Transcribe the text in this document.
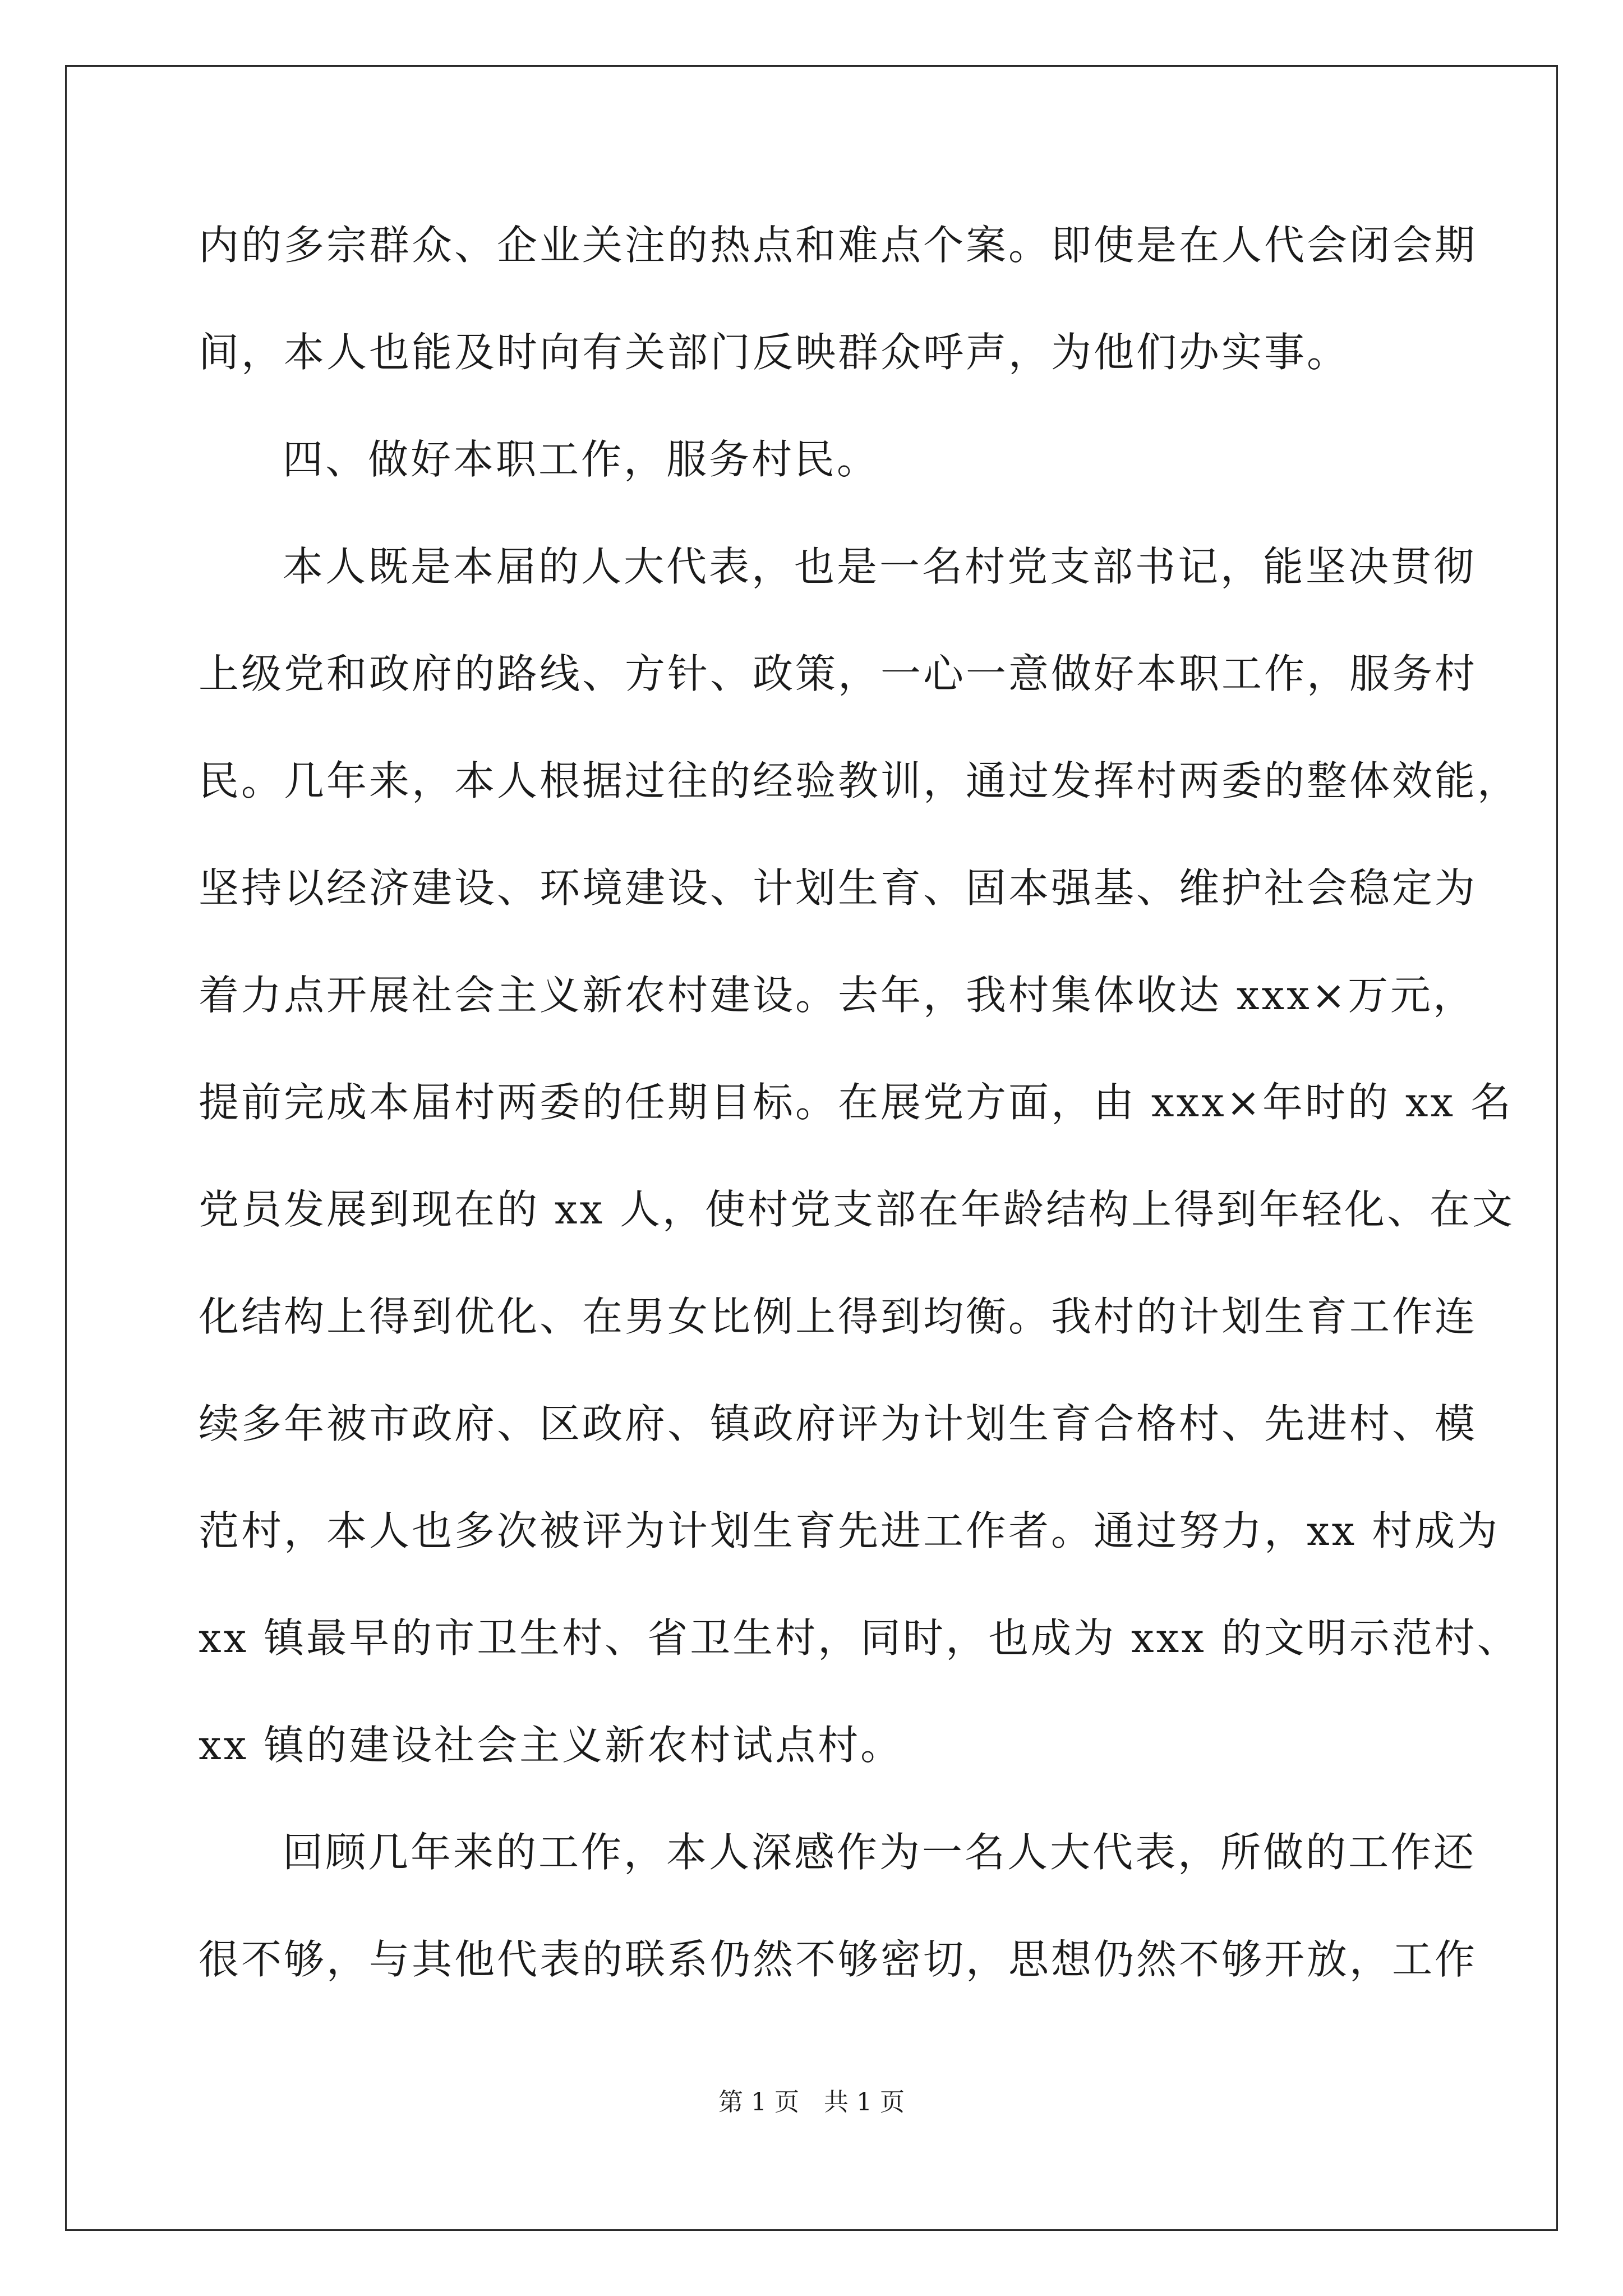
内的多宗群众、企业关注的热点和难点个案。即使是在人代会闭会期
间，本人也能及时向有关部门反映群众呼声，为他们办实事。
四、做好本职工作，服务村民。
本人既是本届的人大代表，也是一名村党支部书记，能坚决贯彻
上级党和政府的路线、方针、政策，一心一意做好本职工作，服务村
民。几年来，本人根据过往的经验教训，通过发挥村两委的整体效能，
坚持以经济建设、环境建设、计划生育、固本强基、维护社会稳定为
着力点开展社会主义新农村建设。去年，我村集体收达 xxx×万元，
提前完成本届村两委的任期目标。在展党方面，由 xxx×年时的 xx 名
党员发展到现在的 xx 人，使村党支部在年龄结构上得到年轻化、在文
化结构上得到优化、在男女比例上得到均衡。我村的计划生育工作连
续多年被市政府、区政府、镇政府评为计划生育合格村、先进村、模
范村，本人也多次被评为计划生育先进工作者。通过努力，xx 村成为
xx 镇最早的市卫生村、省卫生村，同时，也成为 xxx 的文明示范村、
xx 镇的建设社会主义新农村试点村。
回顾几年来的工作，本人深感作为一名人大代表，所做的工作还
很不够，与其他代表的联系仍然不够密切，思想仍然不够开放，工作
第 1 页　共 1 页
